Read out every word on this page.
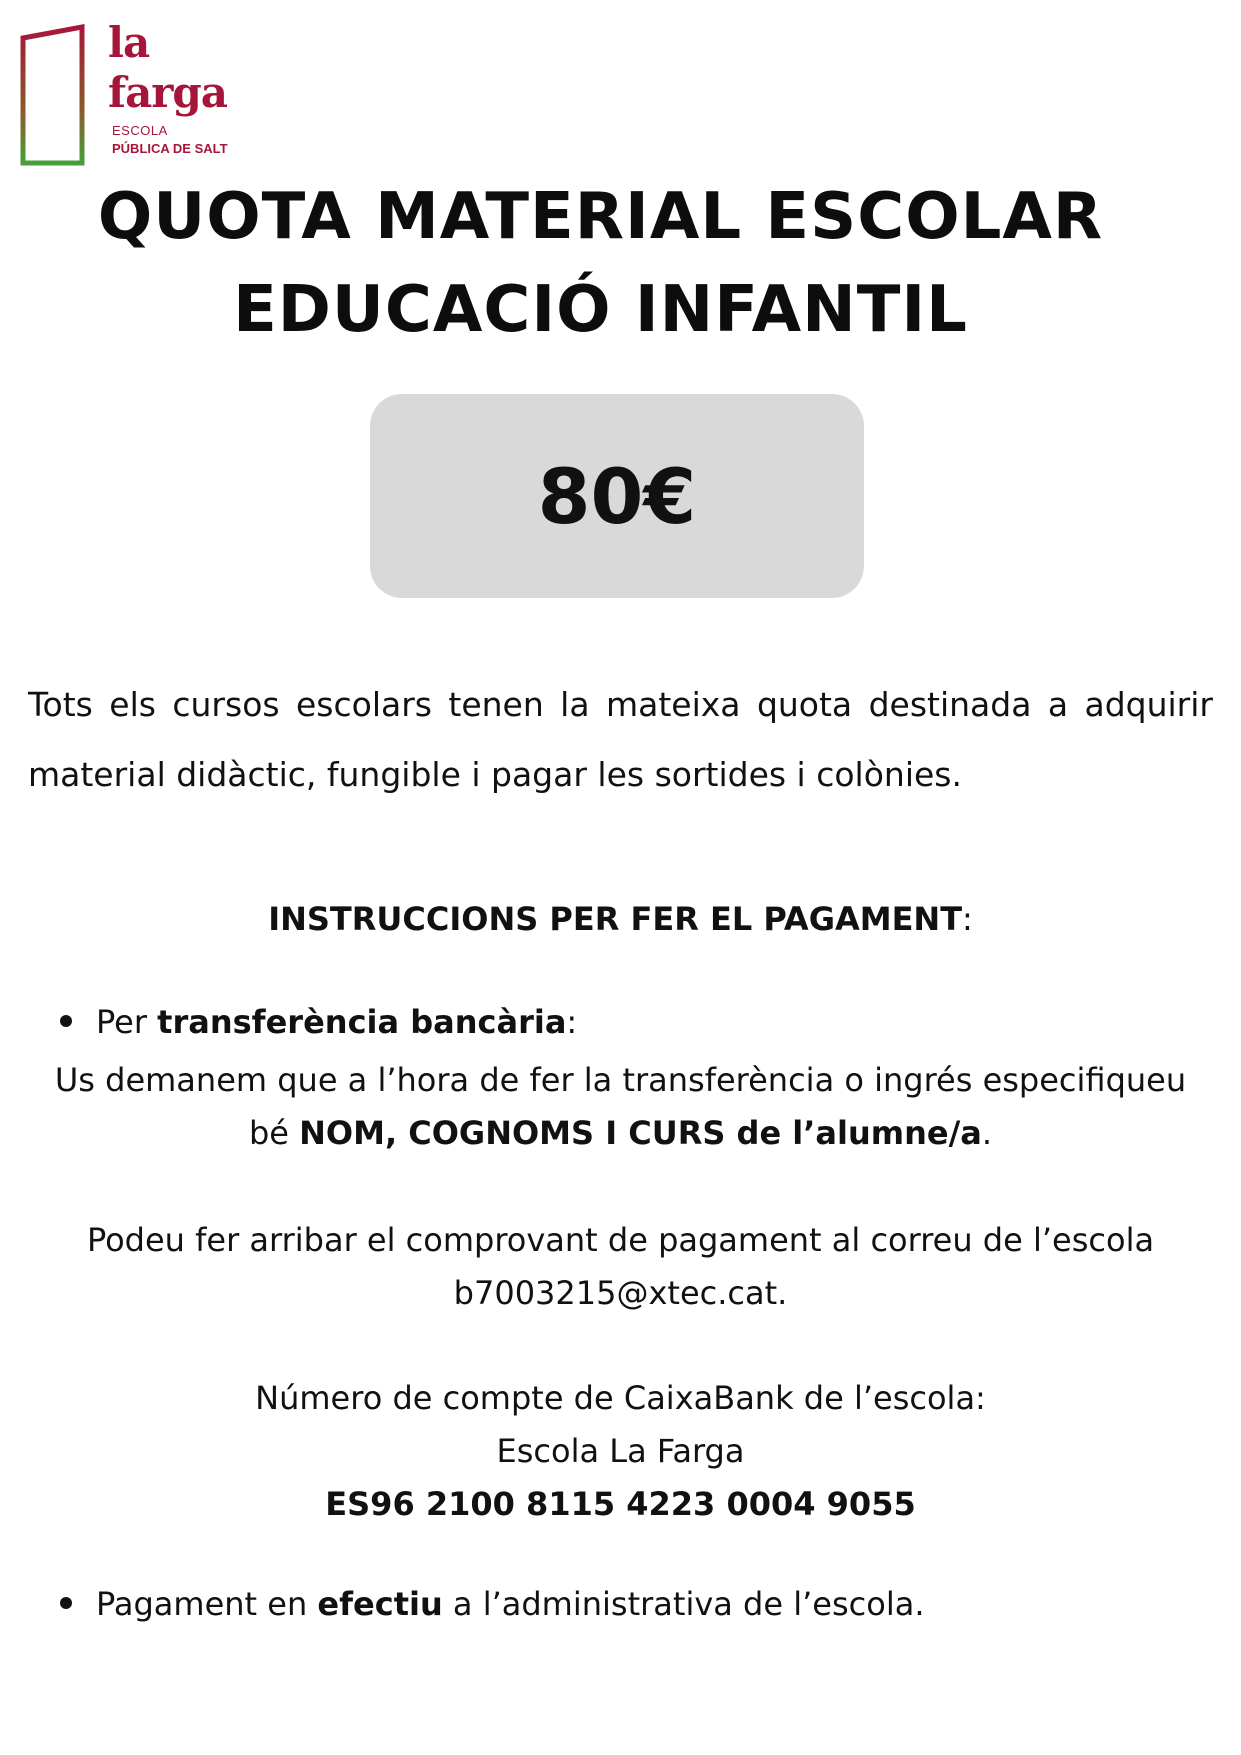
la
farga
ESCOLA
PÚBLICA DE SALT
QUOTA MATERIAL ESCOLAR
EDUCACIÓ INFANTIL
80€
Tots els cursos escolars tenen la mateixa quota destinada a adquirir material didàctic, fungible i pagar les sortides i colònies.
INSTRUCCIONS PER FER EL PAGAMENT:
Per transferència bancària:
Us demanem que a l’hora de fer la transferència o ingrés especifiqueu bé NOM, COGNOMS I CURS de l’alumne/a.
Podeu fer arribar el comprovant de pagament al correu de l’escola
b7003215@xtec.cat.
Número de compte de CaixaBank de l’escola:
Escola La Farga
ES96 2100 8115 4223 0004 9055
Pagament en efectiu a l’administrativa de l’escola.
